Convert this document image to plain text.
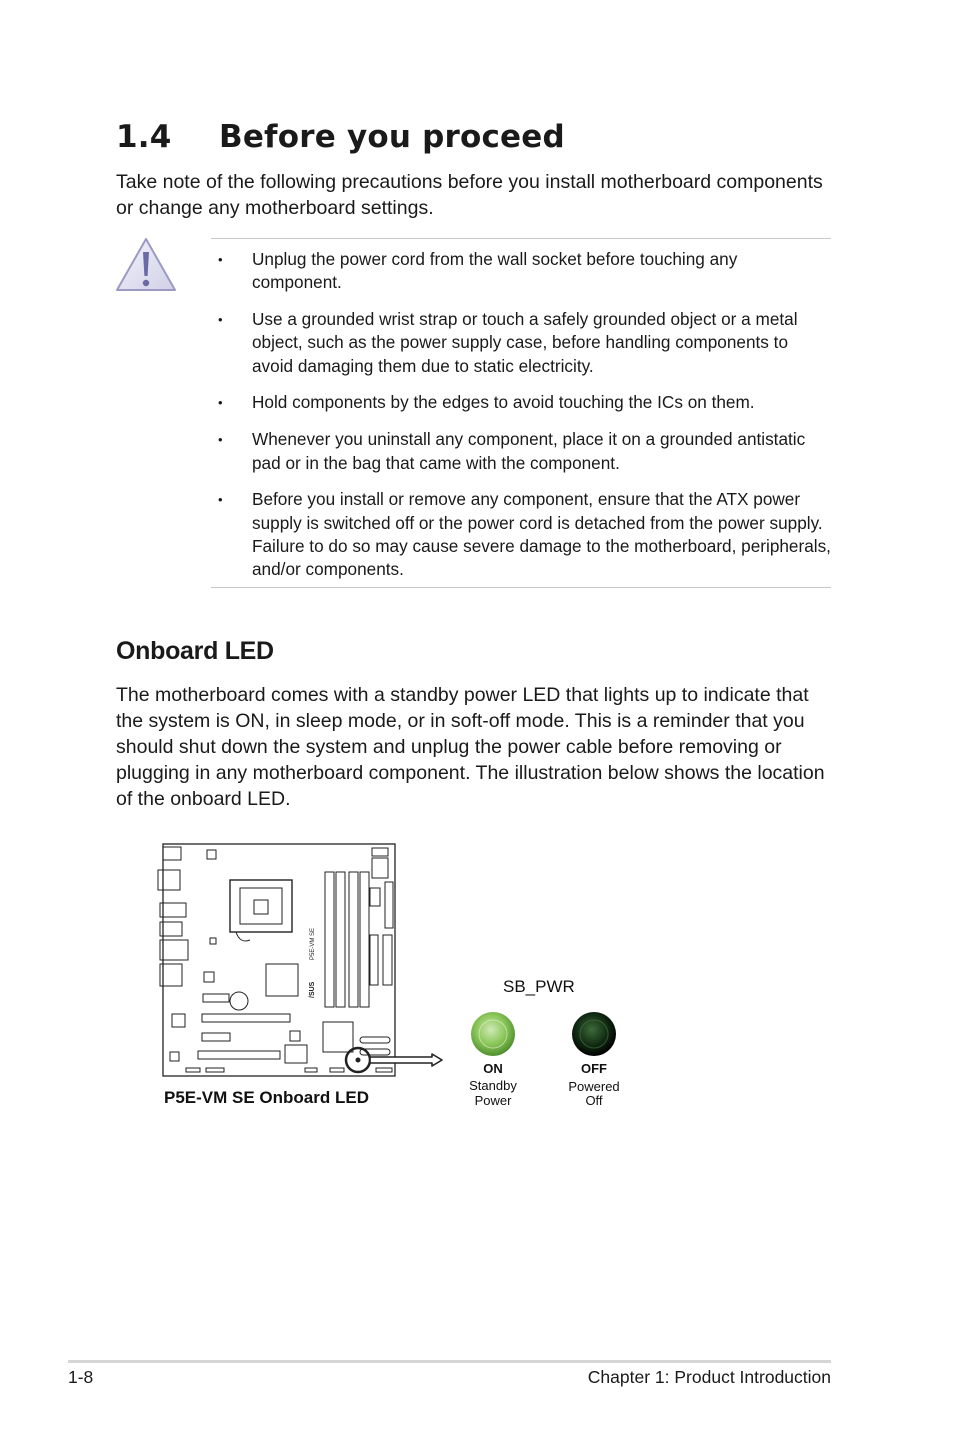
1.4 Before you proceed
Take note of the following precautions before you install motherboard components or change any motherboard settings.
• Unplug the power cord from the wall socket before touching any component.
• Use a grounded wrist strap or touch a safely grounded object or a metal object, such as the power supply case, before handling components to avoid damaging them due to static electricity.
• Hold components by the edges to avoid touching the ICs on them.
• Whenever you uninstall any component, place it on a grounded antistatic pad or in the bag that came with the component.
• Before you install or remove any component, ensure that the ATX power supply is switched off or the power cord is detached from the power supply. Failure to do so may cause severe damage to the motherboard, peripherals, and/or components.
Onboard LED
The motherboard comes with a standby power LED that lights up to indicate that the system is ON, in sleep mode, or in soft-off mode. This is a reminder that you should shut down the system and unplug the power cable before removing or plugging in any motherboard component. The illustration below shows the location of the onboard LED.
P5E-VM SE
/SUS
P5E-VM SE Onboard LED
SB_PWR
ON
Standby
Power
OFF
Powered
Off
1-8	Chapter 1: Product Introduction
